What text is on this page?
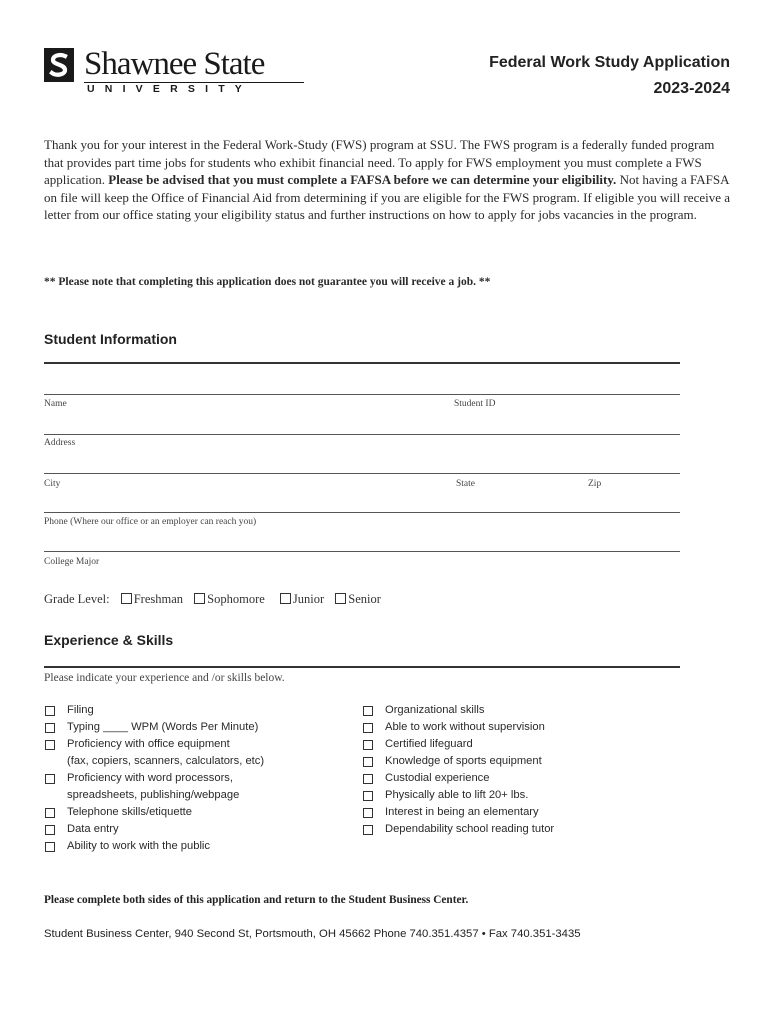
Shawnee State
UNIVERSITY
Federal Work Study Application
2023-2024
Thank you for your interest in the Federal Work-Study (FWS) program at SSU. The FWS program is a federally funded program that provides part time jobs for students who exhibit financial need. To apply for FWS employment you must complete a FWS application. Please be advised that you must complete a FAFSA before we can determine your eligibility. Not having a FAFSA on file will keep the Office of Financial Aid from determining if you are eligible for the FWS program. If eligible you will receive a letter from our office stating your eligibility status and further instructions on how to apply for jobs vacancies in the program.
** Please note that completing this application does not guarantee you will receive a job. **
Student Information
Name	Student ID
Address
City	State	Zip
Phone (Where our office or an employer can reach you)
College Major
Grade Level: Freshman Sophomore Junior Senior
Experience & Skills
Please indicate your experience and /or skills below.
Filing
Typing ____ WPM (Words Per Minute)
Proficiency with office equipment
(fax, copiers, scanners, calculators, etc)
Proficiency with word processors,
spreadsheets, publishing/webpage
Telephone skills/etiquette
Data entry
Ability to work with the public
Organizational skills
Able to work without supervision
Certified lifeguard
Knowledge of sports equipment
Custodial experience
Physically able to lift 20+ lbs.
Interest in being an elementary
Dependability school reading tutor
Please complete both sides of this application and return to the Student Business Center.
Student Business Center, 940 Second St, Portsmouth, OH 45662 Phone 740.351.4357 • Fax 740.351-3435
